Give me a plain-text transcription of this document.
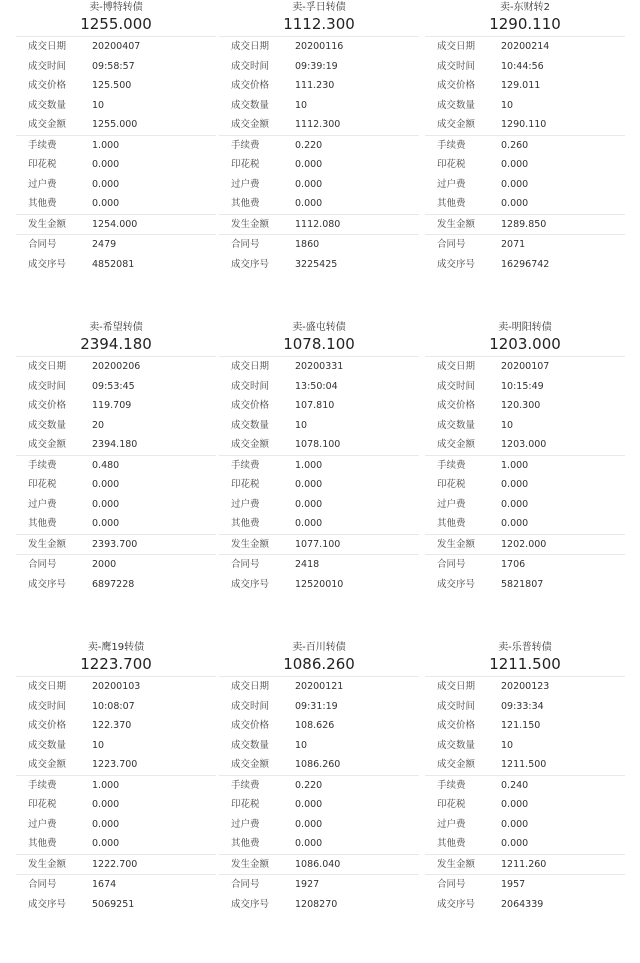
卖-博特转债
1255.000
成交日期	20200407
成交时间	09:58:57
成交价格	125.500
成交数量	10
成交金额	1255.000
手续费	1.000
印花税	0.000
过户费	0.000
其他费	0.000
发生金额	1254.000
合同号	2479
成交序号	4852081
卖-孚日转债
1112.300
成交日期	20200116
成交时间	09:39:19
成交价格	111.230
成交数量	10
成交金额	1112.300
手续费	0.220
印花税	0.000
过户费	0.000
其他费	0.000
发生金额	1112.080
合同号	1860
成交序号	3225425
卖-东财转2
1290.110
成交日期	20200214
成交时间	10:44:56
成交价格	129.011
成交数量	10
成交金额	1290.110
手续费	0.260
印花税	0.000
过户费	0.000
其他费	0.000
发生金额	1289.850
合同号	2071
成交序号	16296742
卖-希望转债
2394.180
成交日期	20200206
成交时间	09:53:45
成交价格	119.709
成交数量	20
成交金额	2394.180
手续费	0.480
印花税	0.000
过户费	0.000
其他费	0.000
发生金额	2393.700
合同号	2000
成交序号	6897228
卖-盛屯转债
1078.100
成交日期	20200331
成交时间	13:50:04
成交价格	107.810
成交数量	10
成交金额	1078.100
手续费	1.000
印花税	0.000
过户费	0.000
其他费	0.000
发生金额	1077.100
合同号	2418
成交序号	12520010
卖-明阳转债
1203.000
成交日期	20200107
成交时间	10:15:49
成交价格	120.300
成交数量	10
成交金额	1203.000
手续费	1.000
印花税	0.000
过户费	0.000
其他费	0.000
发生金额	1202.000
合同号	1706
成交序号	5821807
卖-鹰19转债
1223.700
成交日期	20200103
成交时间	10:08:07
成交价格	122.370
成交数量	10
成交金额	1223.700
手续费	1.000
印花税	0.000
过户费	0.000
其他费	0.000
发生金额	1222.700
合同号	1674
成交序号	5069251
卖-百川转债
1086.260
成交日期	20200121
成交时间	09:31:19
成交价格	108.626
成交数量	10
成交金额	1086.260
手续费	0.220
印花税	0.000
过户费	0.000
其他费	0.000
发生金额	1086.040
合同号	1927
成交序号	1208270
卖-乐普转债
1211.500
成交日期	20200123
成交时间	09:33:34
成交价格	121.150
成交数量	10
成交金额	1211.500
手续费	0.240
印花税	0.000
过户费	0.000
其他费	0.000
发生金额	1211.260
合同号	1957
成交序号	2064339
